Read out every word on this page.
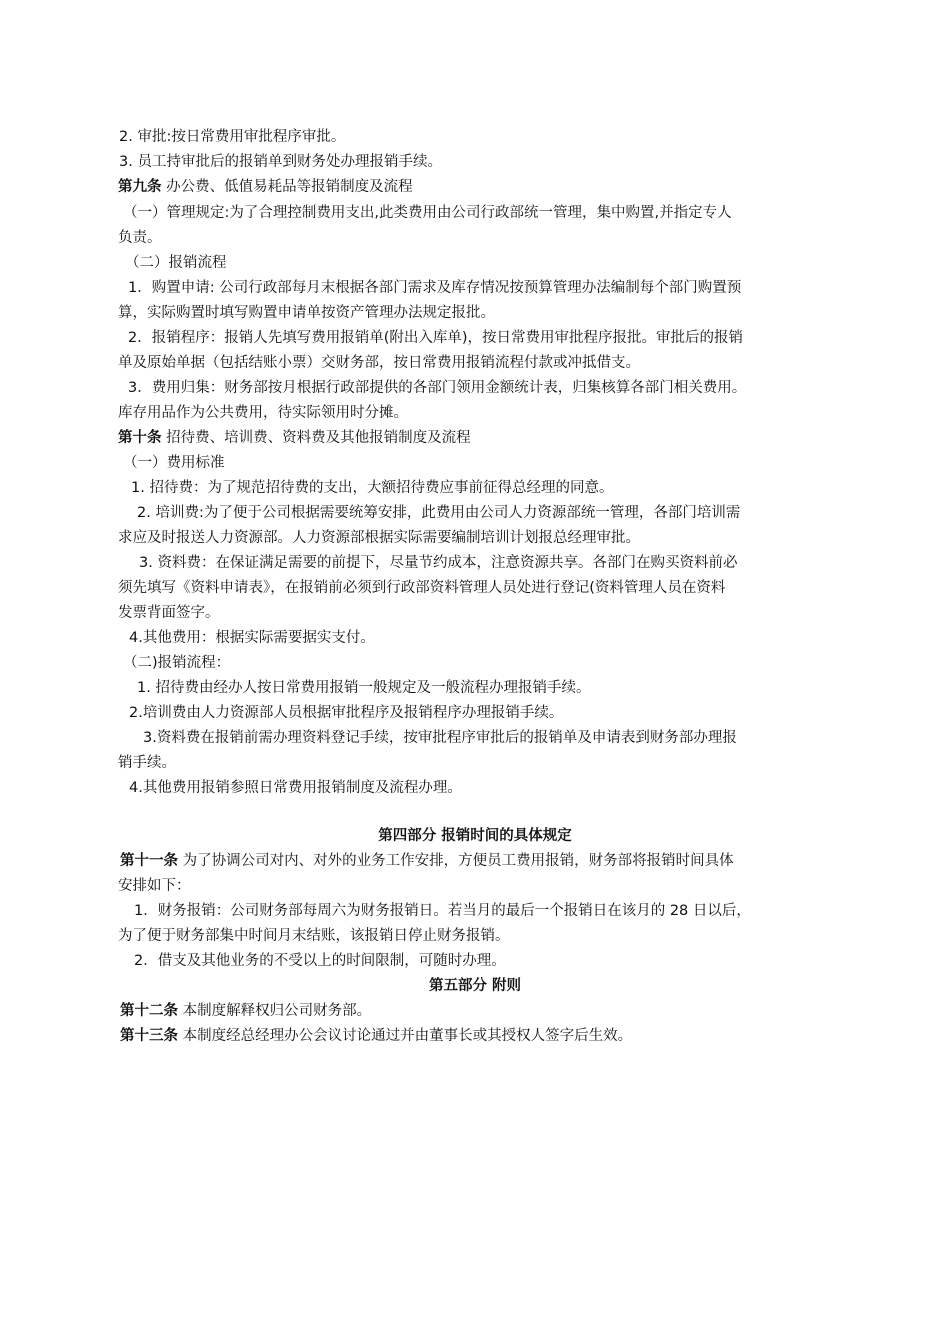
2. 审批:按日常费用审批程序审批。
3. 员工持审批后的报销单到财务处办理报销手续。
第九条 办公费、低值易耗品等报销制度及流程
（一）管理规定:为了合理控制费用支出,此类费用由公司行政部统一管理，集中购置,并指定专人
负责。
（二）报销流程
1．购置申请: 公司行政部每月末根据各部门需求及库存情况按预算管理办法编制每个部门购置预
算，实际购置时填写购置申请单按资产管理办法规定报批。
2．报销程序：报销人先填写费用报销单(附出入库单)，按日常费用审批程序报批。审批后的报销
单及原始单据（包括结账小票）交财务部，按日常费用报销流程付款或冲抵借支。
3．费用归集：财务部按月根据行政部提供的各部门领用金额统计表，归集核算各部门相关费用。
库存用品作为公共费用，待实际领用时分摊。
第十条 招待费、培训费、资料费及其他报销制度及流程
（一）费用标准
1. 招待费：为了规范招待费的支出，大额招待费应事前征得总经理的同意。
2. 培训费:为了便于公司根据需要统筹安排，此费用由公司人力资源部统一管理，各部门培训需
求应及时报送人力资源部。人力资源部根据实际需要编制培训计划报总经理审批。
3. 资料费：在保证满足需要的前提下，尽量节约成本，注意资源共享。各部门在购买资料前必
须先填写《资料申请表》，在报销前必须到行政部资料管理人员处进行登记(资料管理人员在资料
发票背面签字。
4.其他费用：根据实际需要据实支付。
（二)报销流程：
1. 招待费由经办人按日常费用报销一般规定及一般流程办理报销手续。
2.培训费由人力资源部人员根据审批程序及报销程序办理报销手续。
3.资料费在报销前需办理资料登记手续，按审批程序审批后的报销单及申请表到财务部办理报
销手续。
4.其他费用报销参照日常费用报销制度及流程办理。
第四部分 报销时间的具体规定
第十一条 为了协调公司对内、对外的业务工作安排，方便员工费用报销，财务部将报销时间具体
安排如下：
1．财务报销：公司财务部每周六为财务报销日。若当月的最后一个报销日在该月的 28 日以后，
为了便于财务部集中时间月末结账，该报销日停止财务报销。
2．借支及其他业务的不受以上的时间限制，可随时办理。
第五部分 附则
第十二条 本制度解释权归公司财务部。
第十三条 本制度经总经理办公会议讨论通过并由董事长或其授权人签字后生效。
